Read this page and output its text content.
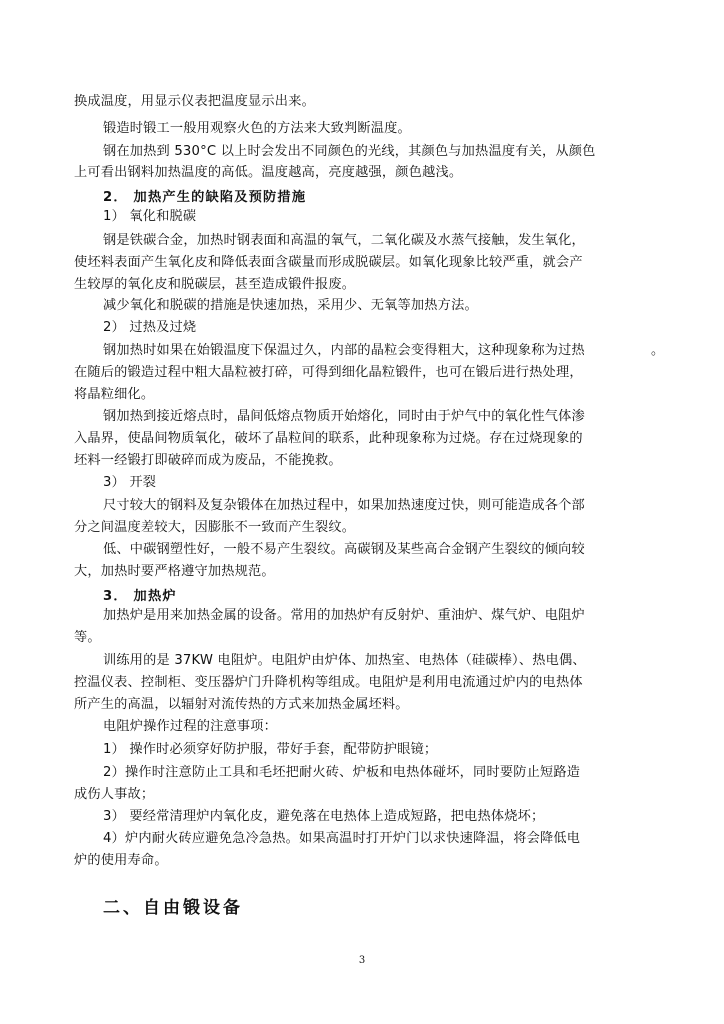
换成温度，用显示仪表把温度显示出来。
锻造时锻工一般用观察火色的方法来大致判断温度。
钢在加热到 530°C 以上时会发出不同颜色的光线，其颜色与加热温度有关，从颜色
上可看出钢料加热温度的高低。温度越高，亮度越强，颜色越浅。
2． 加热产生的缺陷及预防措施
1） 氧化和脱碳
钢是铁碳合金，加热时钢表面和高温的氧气，二氧化碳及水蒸气接触，发生氧化，
使坯料表面产生氧化皮和降低表面含碳量而形成脱碳层。如氧化现象比较严重，就会产
生较厚的氧化皮和脱碳层，甚至造成锻件报废。
减少氧化和脱碳的措施是快速加热，采用少、无氧等加热方法。
2） 过热及过烧
钢加热时如果在始锻温度下保温过久，内部的晶粒会变得粗大，这种现象称为过热	。
在随后的锻造过程中粗大晶粒被打碎，可得到细化晶粒锻件，也可在锻后进行热处理，
将晶粒细化。
钢加热到接近熔点时，晶间低熔点物质开始熔化，同时由于炉气中的氧化性气体渗
入晶界，使晶间物质氧化，破坏了晶粒间的联系，此种现象称为过烧。存在过烧现象的
坯料一经锻打即破碎而成为废品，不能挽救。
3） 开裂
尺寸较大的钢料及复杂锻体在加热过程中，如果加热速度过快，则可能造成各个部
分之间温度差较大，因膨胀不一致而产生裂纹。
低、中碳钢塑性好，一般不易产生裂纹。高碳钢及某些高合金钢产生裂纹的倾向较
大，加热时要严格遵守加热规范。
3． 加热炉
加热炉是用来加热金属的设备。常用的加热炉有反射炉、重油炉、煤气炉、电阻炉
等。
训练用的是 37KW 电阻炉。电阻炉由炉体、加热室、电热体（硅碳棒）、热电偶、
控温仪表、控制柜、变压器炉门升降机构等组成。电阻炉是利用电流通过炉内的电热体
所产生的高温，以辐射对流传热的方式来加热金属坯料。
电阻炉操作过程的注意事项：
1） 操作时必须穿好防护服，带好手套，配带防护眼镜；
2）操作时注意防止工具和毛坯把耐火砖、炉板和电热体碰坏，同时要防止短路造
成伤人事故；
3） 要经常清理炉内氧化皮，避免落在电热体上造成短路，把电热体烧坏；
4）炉内耐火砖应避免急冷急热。如果高温时打开炉门以求快速降温，将会降低电
炉的使用寿命。
二、自由锻设备
3
